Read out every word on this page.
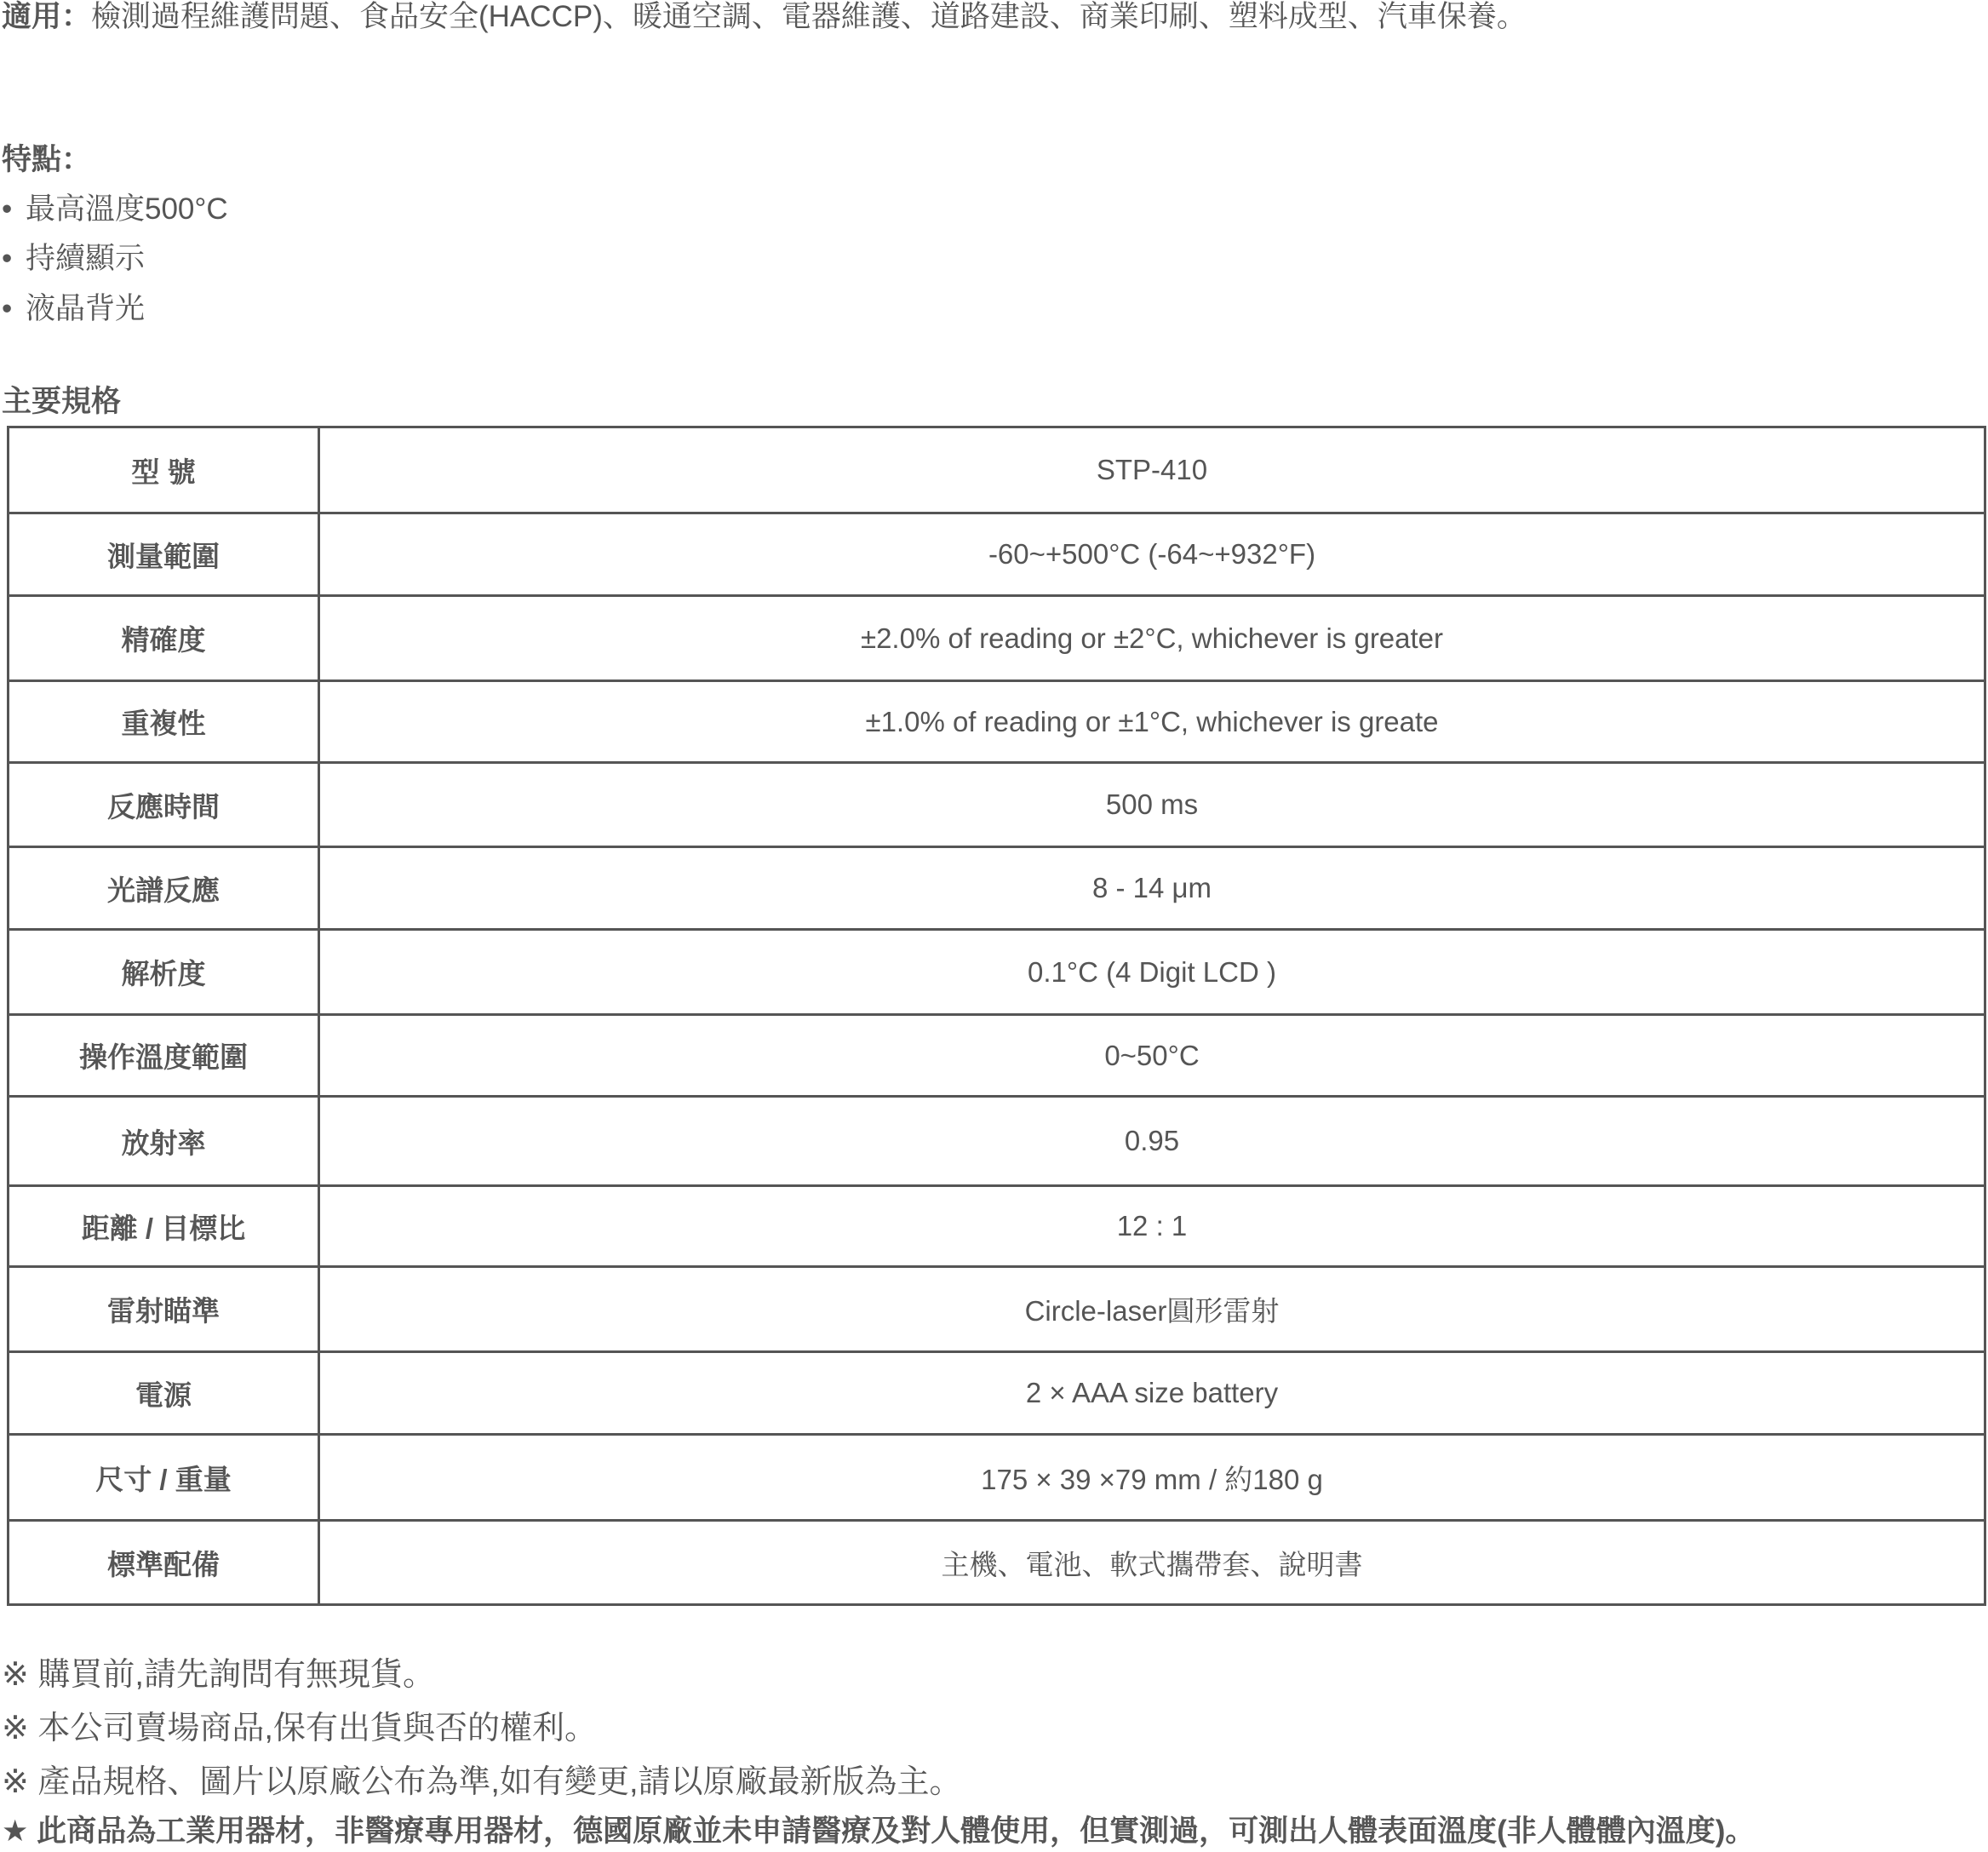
適用：檢測過程維護問題、食品安全(HACCP)、暖通空調、電器維護、道路建設、商業印刷、塑料成型、汽車保養。
特點：
• 最高溫度500°C
• 持續顯示
• 液晶背光
主要規格
型 號	STP-410
測量範圍	-60~+500°C (-64~+932°F)
精確度	±2.0% of reading or ±2°C, whichever is greater
重複性	±1.0% of reading or ±1°C, whichever is greate
反應時間	500 ms
光譜反應	8 - 14 μm
解析度	0.1°C (4 Digit LCD )
操作溫度範圍	0~50°C
放射率	0.95
距離 / 目標比	12 : 1
雷射瞄準	Circle-laser圓形雷射
電源	2 × AAA size battery
尺寸 / 重量	175 × 39 ×79 mm / 約180 g
標準配備	主機、電池、軟式攜帶套、說明書
※ 購買前,請先詢問有無現貨。
※ 本公司賣場商品,保有出貨與否的權利。
※ 產品規格、圖片以原廠公布為準,如有變更,請以原廠最新版為主。
★ 此商品為工業用器材，非醫療專用器材，德國原廠並未申請醫療及對人體使用，但實測過，可測出人體表面溫度(非人體體內溫度)。
